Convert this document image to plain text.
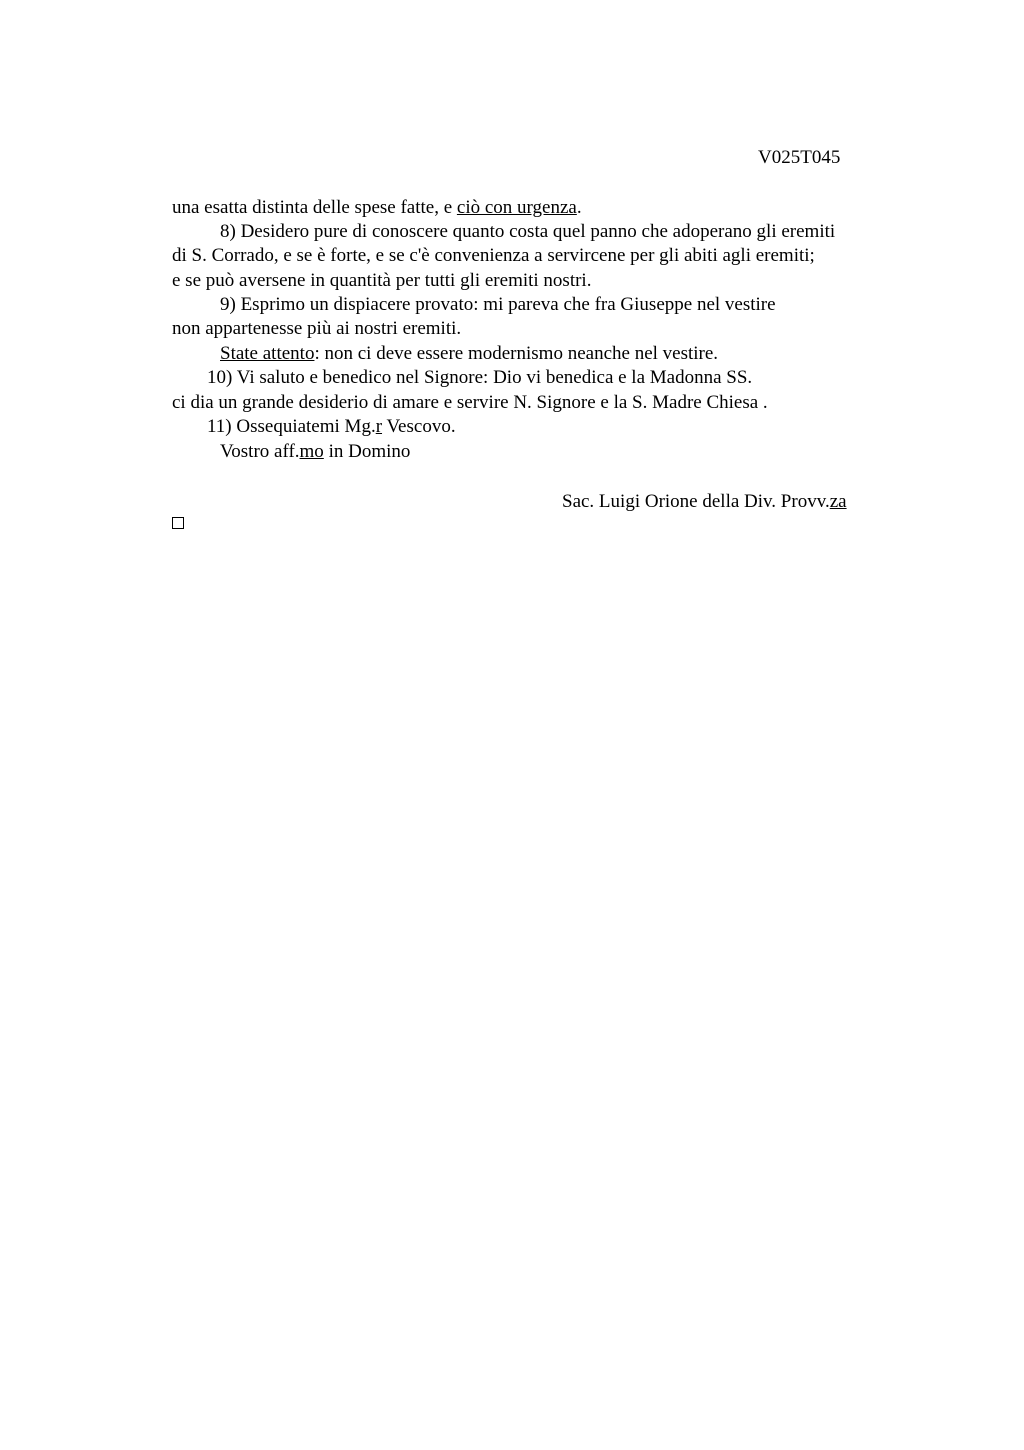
V025T045
una esatta distinta delle spese fatte, e ciò con urgenza.
8) Desidero pure di conoscere quanto costa quel panno che adoperano gli eremiti
di S. Corrado, e se è forte, e se c'è convenienza a servircene per gli abiti agli eremiti;
e se può aversene in quantità per tutti gli eremiti nostri.
9) Esprimo un dispiacere provato: mi pareva che fra Giuseppe nel vestire
non appartenesse più ai nostri eremiti.
State attento: non ci deve essere modernismo neanche nel vestire.
10) Vi saluto e benedico nel Signore: Dio vi benedica e la Madonna SS.
ci dia un grande desiderio di amare e servire N. Signore e la S. Madre Chiesa .
11) Ossequiatemi Mg.r Vescovo.
Vostro aff.mo in Domino
Sac. Luigi Orione della Div. Provv.za
